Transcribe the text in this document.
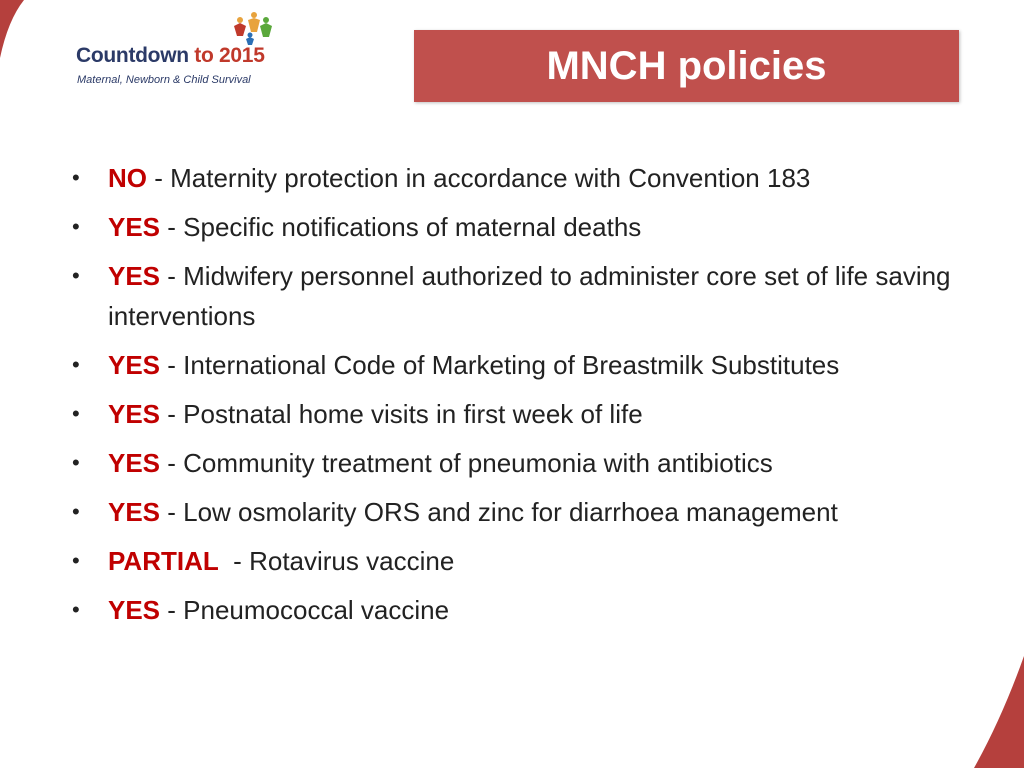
Countdown to 2015
Maternal, Newborn & Child Survival	MNCH policies
• NO - Maternity protection in accordance with Convention 183
• YES - Specific notifications of maternal deaths
• YES - Midwifery personnel authorized to administer core set of life saving interventions
• YES - International Code of Marketing of Breastmilk Substitutes
• YES - Postnatal home visits in first week of life
• YES - Community treatment of pneumonia with antibiotics
• YES - Low osmolarity ORS and zinc for diarrhoea management
• PARTIAL  - Rotavirus vaccine
• YES - Pneumococcal vaccine
